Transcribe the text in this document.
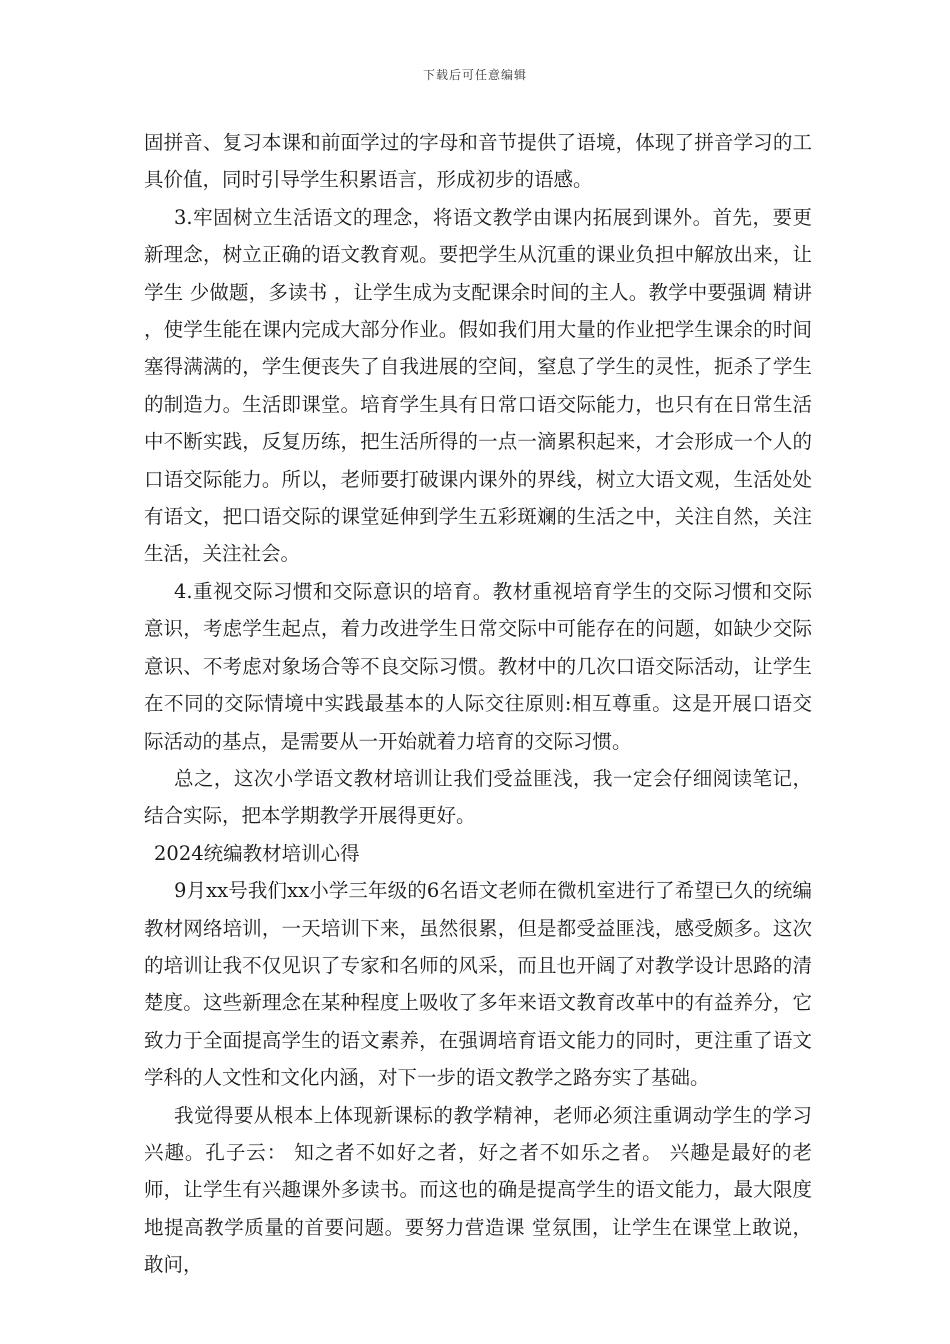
下载后可任意编辑

固拼音、复习本课和前面学过的字母和音节提供了语境，体现了拼音学习的工具价值，同时引导学生积累语言，形成初步的语感。

3.牢固树立生活语文的理念，将语文教学由课内拓展到课外。首先，要更新理念，树立正确的语文教育观。要把学生从沉重的课业负担中解放出来，让学生 少做题，多读书 ，让学生成为支配课余时间的主人。教学中要强调 精讲 ，使学生能在课内完成大部分作业。假如我们用大量的作业把学生课余的时间塞得满满的，学生便丧失了自我进展的空间，窒息了学生的灵性，扼杀了学生的制造力。生活即课堂。培育学生具有日常口语交际能力，也只有在日常生活中不断实践，反复历练，把生活所得的一点一滴累积起来，才会形成一个人的口语交际能力。所以，老师要打破课内课外的界线，树立大语文观，生活处处有语文，把口语交际的课堂延伸到学生五彩斑斓的生活之中，关注自然，关注生活，关注社会。

4.重视交际习惯和交际意识的培育。教材重视培育学生的交际习惯和交际意识，考虑学生起点，着力改进学生日常交际中可能存在的问题，如缺少交际意识、不考虑对象场合等不良交际习惯。教材中的几次口语交际活动，让学生在不同的交际情境中实践最基本的人际交往原则:相互尊重。这是开展口语交际活动的基点，是需要从一开始就着力培育的交际习惯。

总之，这次小学语文教材培训让我们受益匪浅，我一定会仔细阅读笔记，结合实际，把本学期教学开展得更好。

2024统编教材培训心得

9月xx号我们xx小学三年级的6名语文老师在微机室进行了希望已久的统编教材网络培训，一天培训下来，虽然很累，但是都受益匪浅，感受颇多。这次的培训让我不仅见识了专家和名师的风采，而且也开阔了对教学设计思路的清楚度。这些新理念在某种程度上吸收了多年来语文教育改革中的有益养分，它致力于全面提高学生的语文素养，在强调培育语文能力的同时，更注重了语文学科的人文性和文化内涵，对下一步的语文教学之路夯实了基础。

我觉得要从根本上体现新课标的教学精神，老师必须注重调动学生的学习兴趣。孔子云： 知之者不如好之者，好之者不如乐之者。 兴趣是最好的老师，让学生有兴趣课外多读书。而这也的确是提高学生的语文能力，最大限度地提高教学质量的首要问题。要努力营造课 堂氛围，让学生在课堂上敢说，敢问，
